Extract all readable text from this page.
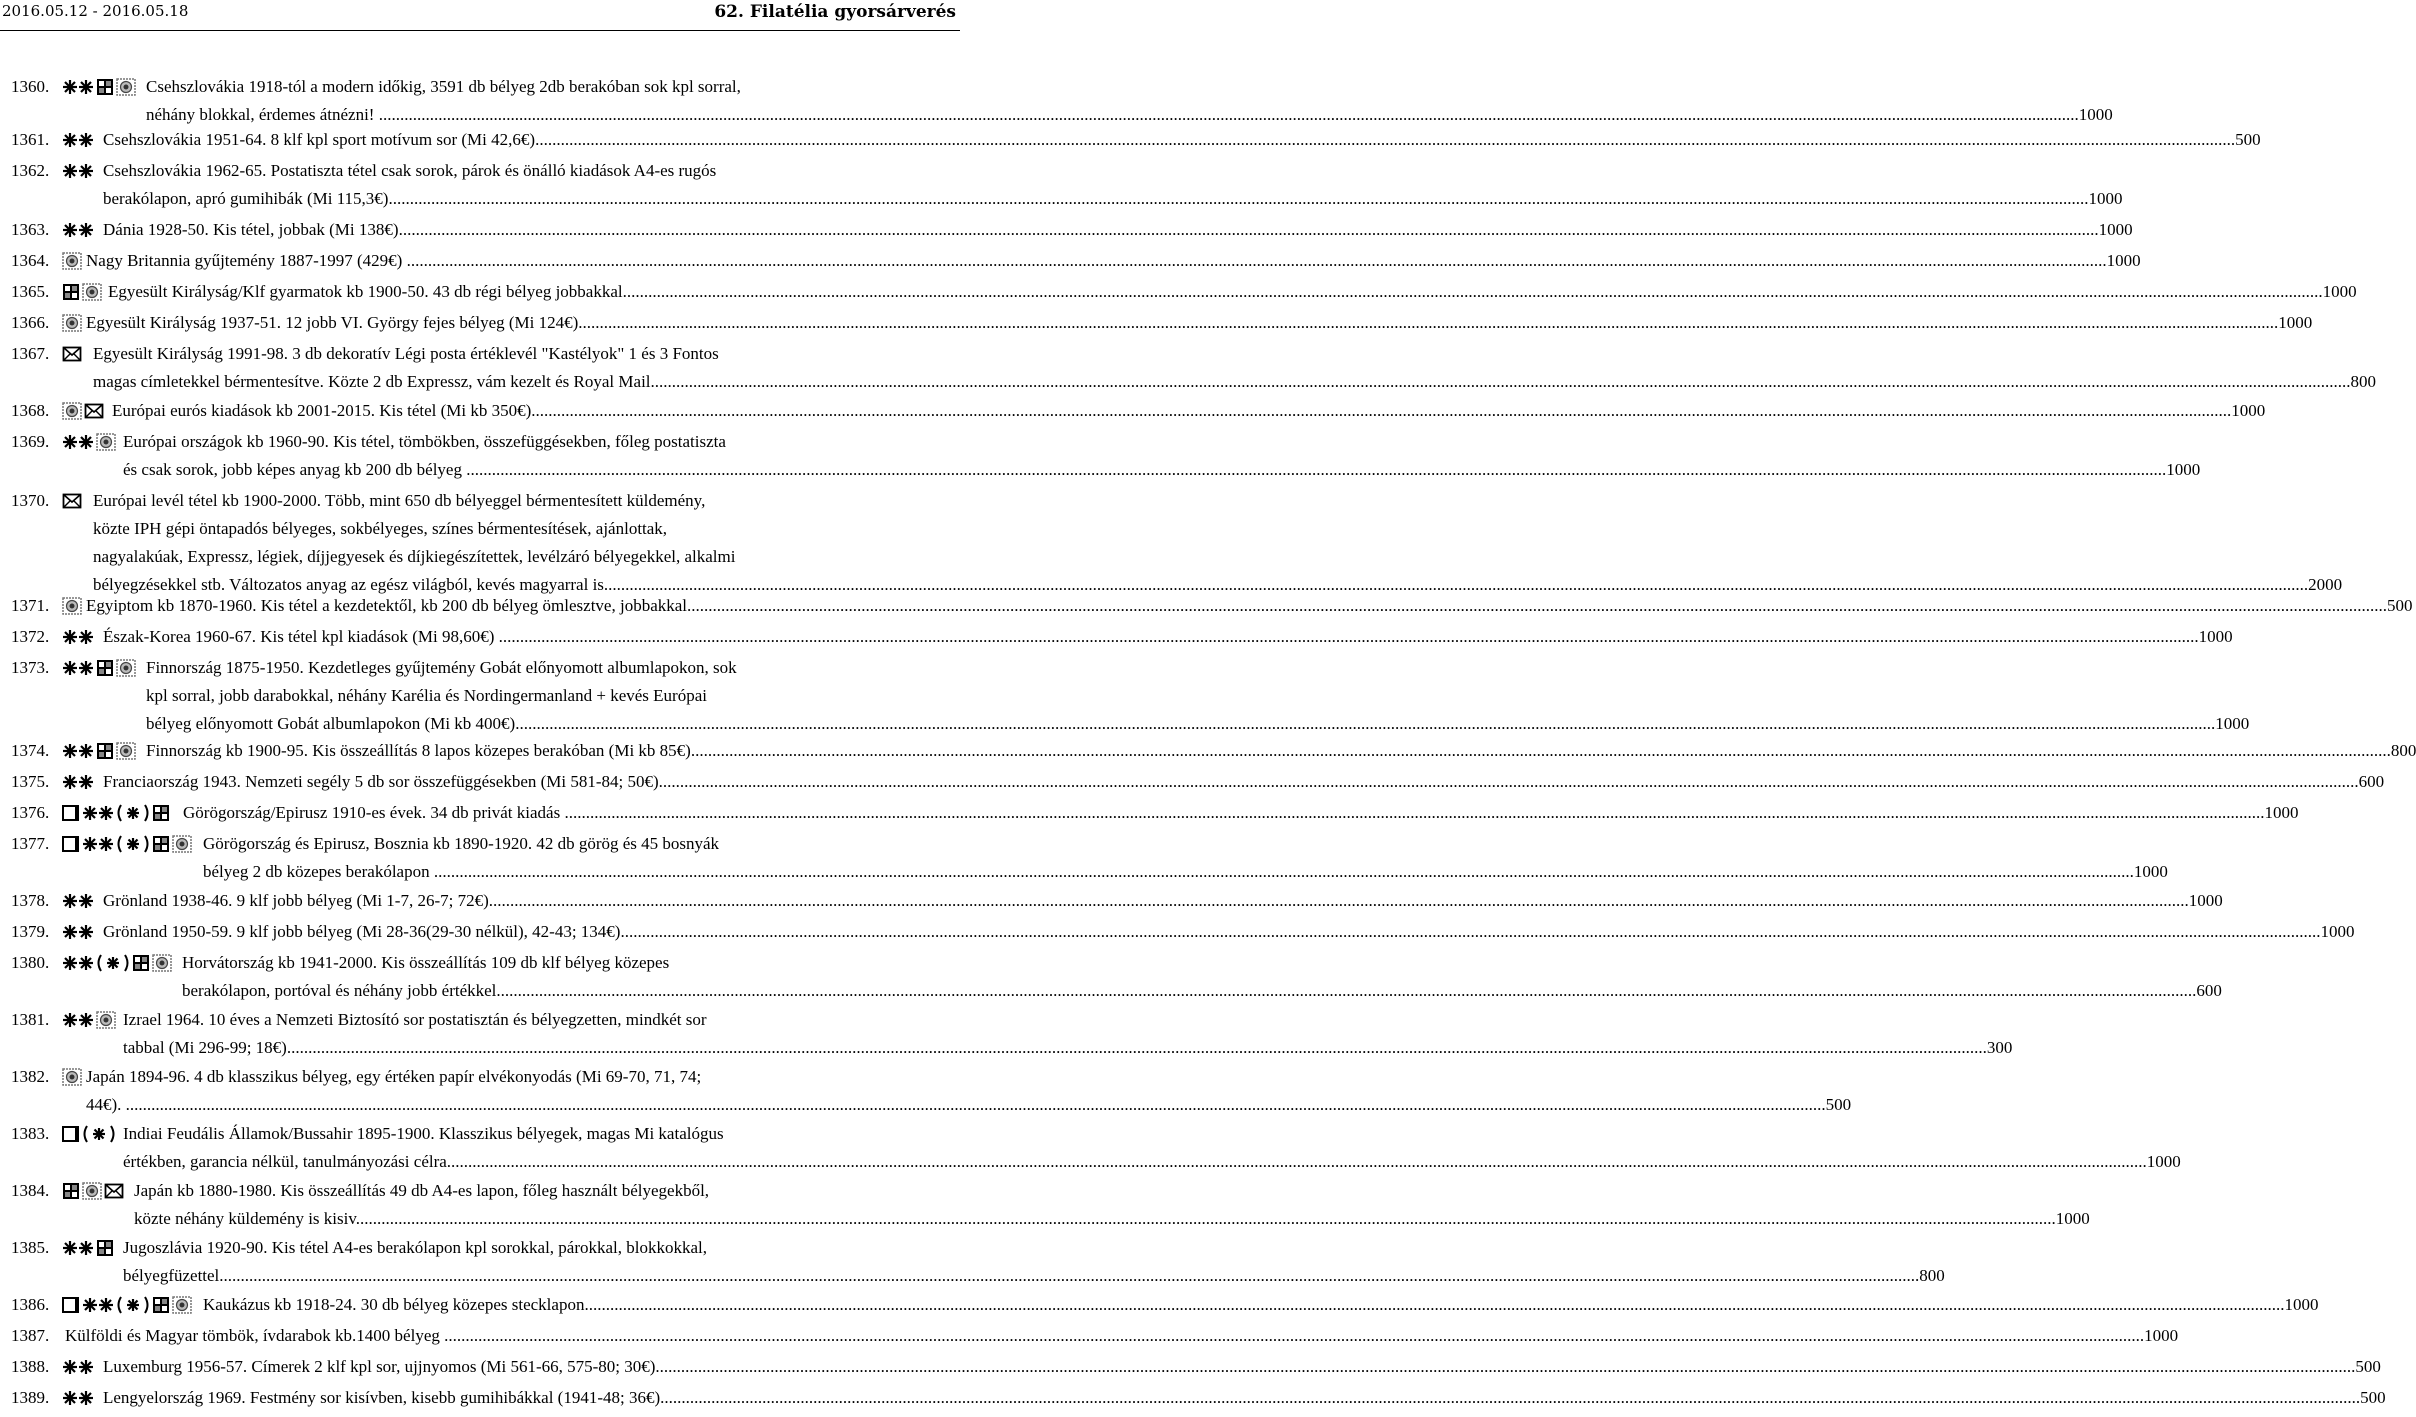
2016.05.12 - 2016.05.18	62. Filatélia gyorsárverés
1360.	Csehszlovákia 1918-tól a modern időkig, 3591 db bélyeg 2db berakóban sok kpl sorral,
néhány blokkal, érdemes átnézni! ................................................................................................................................................................................................................................................................................................................................................................................................................1000
1361.	Csehszlovákia 1951-64. 8 klf kpl sport motívum sor (Mi 42,6€)................................................................................................................................................................................................................................................................................................................................................................................................................500
1362.	Csehszlovákia 1962-65. Postatiszta tétel csak sorok, párok és önálló kiadások A4-es rugós
berakólapon, apró gumihibák (Mi 115,3€)................................................................................................................................................................................................................................................................................................................................................................................................................1000
1363.	Dánia 1928-50. Kis tétel, jobbak (Mi 138€)................................................................................................................................................................................................................................................................................................................................................................................................................1000
1364. Nagy Britannia gyűjtemény 1887-1997 (429€) ................................................................................................................................................................................................................................................................................................................................................................................................................1000
1365.	Egyesült Királyság/Klf gyarmatok kb 1900-50. 43 db régi bélyeg jobbakkal................................................................................................................................................................................................................................................................................................................................................................................................................1000
1366. Egyesült Királyság 1937-51. 12 jobb VI. György fejes bélyeg (Mi 124€)................................................................................................................................................................................................................................................................................................................................................................................................................1000
1367.	Egyesült Királyság 1991-98. 3 db dekoratív Légi posta értéklevél "Kastélyok" 1 és 3 Fontos
magas címletekkel bérmentesítve. Közte 2 db Expressz, vám kezelt és Royal Mail................................................................................................................................................................................................................................................................................................................................................................................................................800
1368.	Európai eurós kiadások kb 2001-2015. Kis tétel (Mi kb 350€)................................................................................................................................................................................................................................................................................................................................................................................................................1000
1369.	Európai országok kb 1960-90. Kis tétel, tömbökben, összefüggésekben, főleg postatiszta
és csak sorok, jobb képes anyag kb 200 db bélyeg ................................................................................................................................................................................................................................................................................................................................................................................................................1000
1370.	Európai levél tétel kb 1900-2000. Több, mint 650 db bélyeggel bérmentesített küldemény,
közte IPH gépi öntapadós bélyeges, sokbélyeges, színes bérmentesítések, ajánlottak,
nagyalakúak, Expressz, légiek, díjjegyesek és díjkiegészítettek, levélzáró bélyegekkel, alkalmi
bélyegzésekkel stb. Változatos anyag az egész világból, kevés magyarral is.................................................................................................................................................................................................................................................................................................................................................................................................................2000
1371. Egyiptom kb 1870-1960. Kis tétel a kezdetektől, kb 200 db bélyeg ömlesztve, jobbakkal................................................................................................................................................................................................................................................................................................................................................................................................................500
1372.	Észak-Korea 1960-67. Kis tétel kpl kiadások (Mi 98,60€) ................................................................................................................................................................................................................................................................................................................................................................................................................1000
1373.	Finnország 1875-1950. Kezdetleges gyűjtemény Gobát előnyomott albumlapokon, sok
kpl sorral, jobb darabokkal, néhány Karélia és Nordingermanland + kevés Európai
bélyeg előnyomott Gobát albumlapokon (Mi kb 400€)................................................................................................................................................................................................................................................................................................................................................................................................................1000
1374.	Finnország kb 1900-95. Kis összeállítás 8 lapos közepes berakóban (Mi kb 85€)................................................................................................................................................................................................................................................................................................................................................................................................................800
1375.	Franciaország 1943. Nemzeti segély 5 db sor összefüggésekben (Mi 581-84; 50€)................................................................................................................................................................................................................................................................................................................................................................................................................600
1376.	Görögország/Epirusz 1910-es évek. 34 db privát kiadás ................................................................................................................................................................................................................................................................................................................................................................................................................1000
1377.	Görögország és Epirusz, Bosznia kb 1890-1920. 42 db görög és 45 bosnyák
bélyeg 2 db közepes berakólapon ................................................................................................................................................................................................................................................................................................................................................................................................................1000
1378.	Grönland 1938-46. 9 klf jobb bélyeg (Mi 1-7, 26-7; 72€)................................................................................................................................................................................................................................................................................................................................................................................................................1000
1379.	Grönland 1950-59. 9 klf jobb bélyeg (Mi 28-36(29-30 nélkül), 42-43; 134€)................................................................................................................................................................................................................................................................................................................................................................................................................1000
1380.	Horvátország kb 1941-2000. Kis összeállítás 109 db klf bélyeg közepes
berakólapon, portóval és néhány jobb értékkel................................................................................................................................................................................................................................................................................................................................................................................................................600
1381.	Izrael 1964. 10 éves a Nemzeti Biztosító sor postatisztán és bélyegzetten, mindkét sor
tabbal (Mi 296-99; 18€)................................................................................................................................................................................................................................................................................................................................................................................................................300
1382. Japán 1894-96. 4 db klasszikus bélyeg, egy értéken papír elvékonyodás (Mi 69-70, 71, 74;
44€). ................................................................................................................................................................................................................................................................................................................................................................................................................500
1383.	Indiai Feudális Államok/Bussahir 1895-1900. Klasszikus bélyegek, magas Mi katalógus
értékben, garancia nélkül, tanulmányozási célra................................................................................................................................................................................................................................................................................................................................................................................................................1000
1384.	Japán kb 1880-1980. Kis összeállítás 49 db A4-es lapon, főleg használt bélyegekből,
közte néhány küldemény is kisiv................................................................................................................................................................................................................................................................................................................................................................................................................1000
1385.	Jugoszlávia 1920-90. Kis tétel A4-es berakólapon kpl sorokkal, párokkal, blokkokkal,
bélyegfüzettel................................................................................................................................................................................................................................................................................................................................................................................................................800
1386.	Kaukázus kb 1918-24. 30 db bélyeg közepes stecklapon................................................................................................................................................................................................................................................................................................................................................................................................................1000
1387. Külföldi és Magyar tömbök, ívdarabok kb.1400 bélyeg ................................................................................................................................................................................................................................................................................................................................................................................................................1000
1388.	Luxemburg 1956-57. Címerek 2 klf kpl sor, ujjnyomos (Mi 561-66, 575-80; 30€)................................................................................................................................................................................................................................................................................................................................................................................................................500
1389.	Lengyelország 1969. Festmény sor kisívben, kisebb gumihibákkal (1941-48; 36€)................................................................................................................................................................................................................................................................................................................................................................................................................500
